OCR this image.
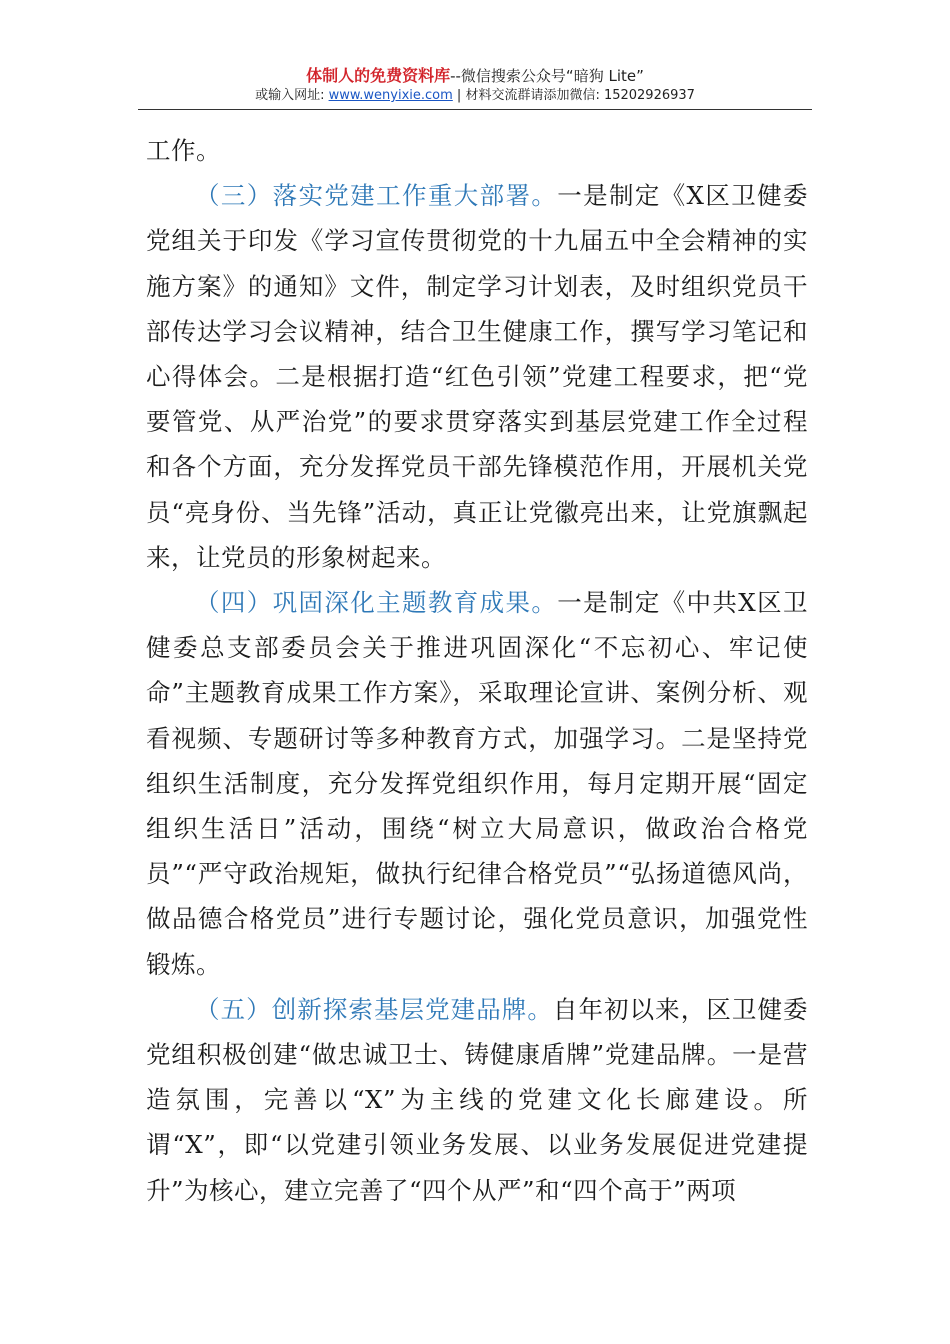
体制人的免费资料库--微信搜索公众号“暗狗 Lite”
或输入网址: www.wenyixie.com | 材料交流群请添加微信: 15202926937

工作。

（三）落实党建工作重大部署。一是制定《X区卫健委党组关于印发《学习宣传贯彻党的十九届五中全会精神的实施方案》的通知》文件，制定学习计划表，及时组织党员干部传达学习会议精神，结合卫生健康工作，撰写学习笔记和心得体会。二是根据打造“红色引领”党建工程要求，把“党要管党、从严治党”的要求贯穿落实到基层党建工作全过程和各个方面，充分发挥党员干部先锋模范作用，开展机关党员“亮身份、当先锋”活动，真正让党徽亮出来，让党旗飘起来，让党员的形象树起来。

（四）巩固深化主题教育成果。一是制定《中共X区卫健委总支部委员会关于推进巩固深化“不忘初心、牢记使命”主题教育成果工作方案》，采取理论宣讲、案例分析、观看视频、专题研讨等多种教育方式，加强学习。二是坚持党组织生活制度，充分发挥党组织作用，每月定期开展“固定组织生活日”活动，围绕“树立大局意识，做政治合格党员”“严守政治规矩，做执行纪律合格党员”“弘扬道德风尚，做品德合格党员”进行专题讨论，强化党员意识，加强党性锻炼。

（五）创新探索基层党建品牌。自年初以来，区卫健委党组积极创建“做忠诚卫士、铸健康盾牌”党建品牌。一是营造氛围，完善以“X”为主线的党建文化长廊建设。所谓“X”，即“以党建引领业务发展、以业务发展促进党建提升”为核心，建立完善了“四个从严”和“四个高于”两项
